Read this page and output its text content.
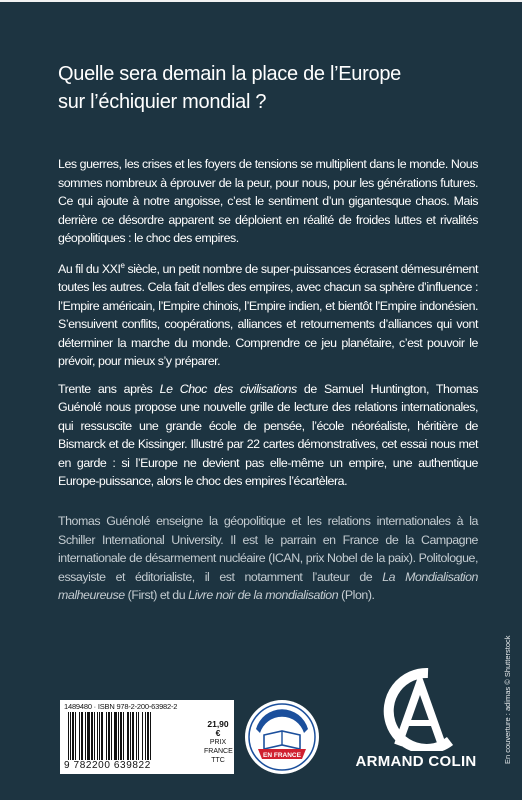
Quelle sera demain la place de l’Europe
sur l’échiquier mondial ?

Les guerres, les crises et les foyers de tensions se multiplient dans le monde. Nous sommes nombreux à éprouver de la peur, pour nous, pour les générations futures. Ce qui ajoute à notre angoisse, c’est le sentiment d’un gigantesque chaos. Mais derrière ce désordre apparent se déploient en réalité de froides luttes et rivalités géopolitiques : le choc des empires.

Au fil du XXIe siècle, un petit nombre de super-puissances écrasent démesurément toutes les autres. Cela fait d’elles des empires, avec chacun sa sphère d’influence : l’Empire américain, l’Empire chinois, l’Empire indien, et bientôt l’Empire indonésien. S’ensuivent conflits, coopérations, alliances et retournements d’alliances qui vont déterminer la marche du monde. Comprendre ce jeu planétaire, c’est pouvoir le prévoir, pour mieux s’y préparer.

Trente ans après Le Choc des civilisations de Samuel Huntington, Thomas Guénolé nous propose une nouvelle grille de lecture des relations internationales, qui ressuscite une grande école de pensée, l’école néoréaliste, héritière de Bismarck et de Kissinger. Illustré par 22 cartes démonstratives, cet essai nous met en garde : si l’Europe ne devient pas elle-même un empire, une authentique Europe-puissance, alors le choc des empires l’écartèlera.

Thomas Guénolé enseigne la géopolitique et les relations internationales à la Schiller International University. Il est le parrain en France de la Campagne internationale de désarmement nucléaire (ICAN, prix Nobel de la paix). Politologue, essayiste et éditorialiste, il est notamment l’auteur de La Mondialisation malheureuse (First) et du Livre noir de la mondialisation (Plon).

En couverture : adimas © Shutterstock
1489480 · ISBN 978-2-200-63982-2
9 782200 639822
21,90 €
PRIX
FRANCE
TTC
IMPRIMÉ
EN FRANCE	ARMAND COLIN
